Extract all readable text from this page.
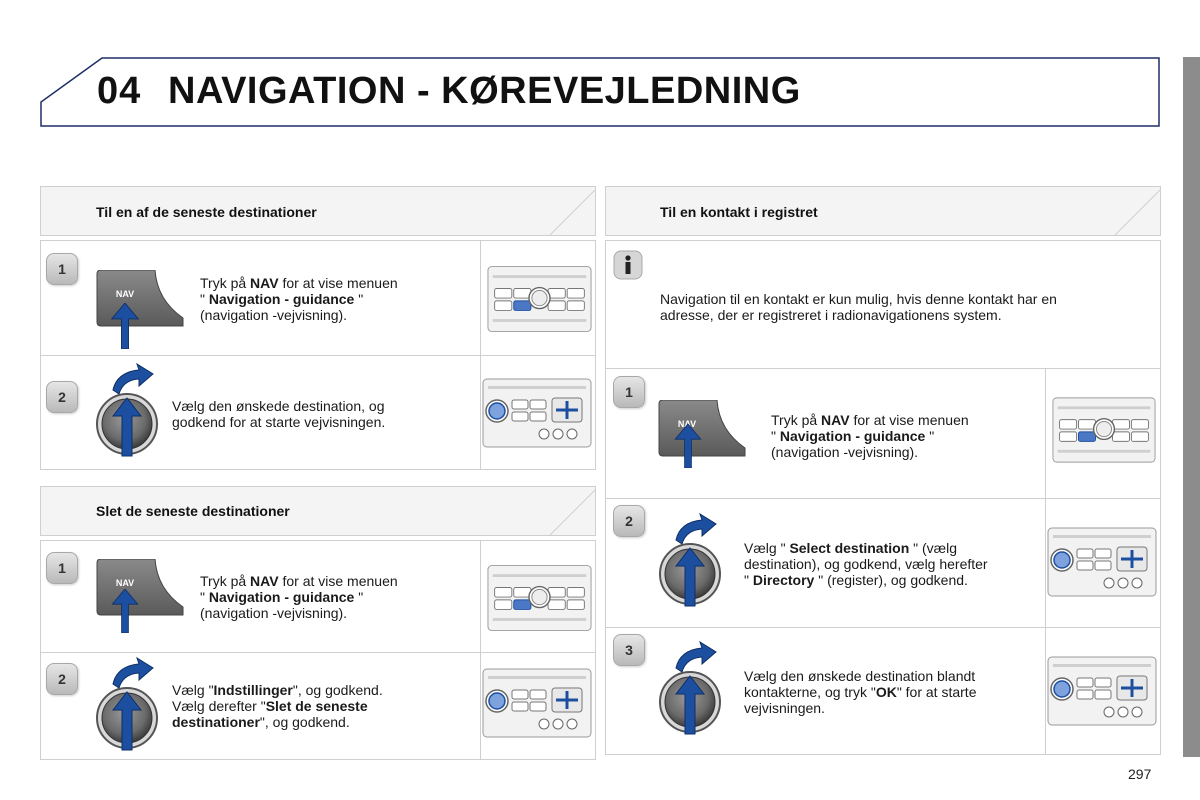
04 NAVIGATION - KØREVEJLEDNING
Til en af de seneste destinationer
1
Tryk på NAV for at vise menuen
" Navigation - guidance "
(navigation -vejvisning).
2
Vælg den ønskede destination, og
godkend for at starte vejvisningen.
Slet de seneste destinationer
1
Tryk på NAV for at vise menuen
" Navigation - guidance "
(navigation -vejvisning).
2
Vælg "Indstillinger", og godkend.
Vælg derefter "Slet de seneste
destinationer", og godkend.
Til en kontakt i registret
Navigation til en kontakt er kun mulig, hvis denne kontakt har en
adresse, der er registreret i radionavigationens system.
1
Tryk på NAV for at vise menuen
" Navigation - guidance "
(navigation -vejvisning).
2
Vælg " Select destination " (vælg
destination), og godkend, vælg herefter
" Directory " (register), og godkend.
3
Vælg den ønskede destination blandt
kontakterne, og tryk "OK" for at starte
vejvisningen.
297
